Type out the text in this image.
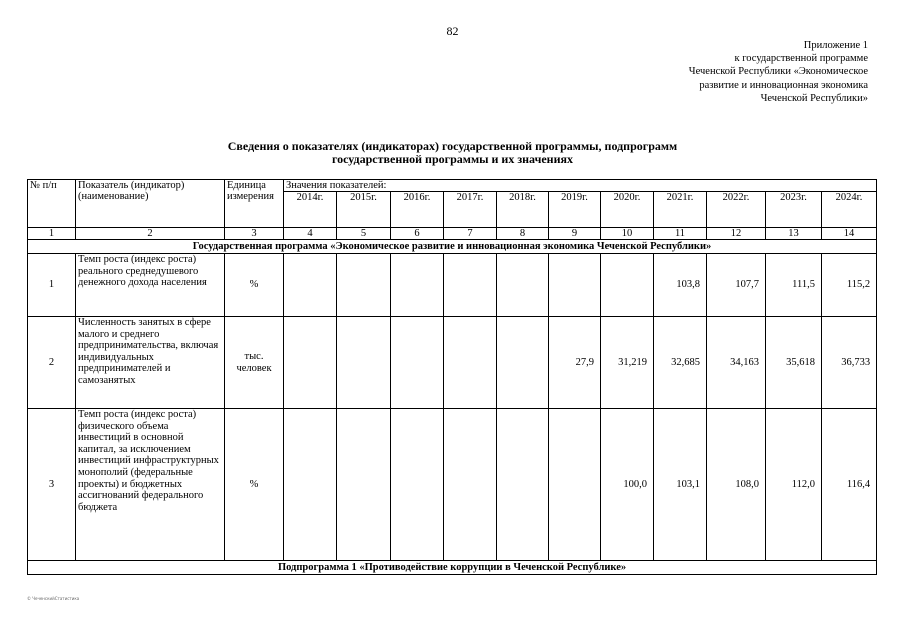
82
Приложение 1
к государственной программе
Чеченской Республики «Экономическое
развитие и инновационная экономика
Чеченской Республики»
Сведения о показателях (индикаторах) государственной программы, подпрограмм
государственной программы и их значениях
№ п/п	Показатель (индикатор) (наименование)	Единица измерения	Значения показателей:										
			2014г.	2015г.	2016г.	2017г.	2018г.	2019г.	2020г.	2021г.	2022г.	2023г.	2024г.
1	2	3	4	5	6	7	8	9	10	11	12	13	14
Государственная программа «Экономическое развитие и инновационная экономика Чеченской Республики»													
1	Темп роста (индекс роста) реального среднедушевого денежного дохода населения	%								103,8	107,7	111,5	115,2
2	Численность занятых в сфере малого и среднего предпринимательства, включая индивидуальных предпринимателей и самозанятых	тыс. человек						27,9	31,219	32,685	34,163	35,618	36,733
3	Темп роста (индекс роста) физического объема инвестиций в основной капитал, за исключением инвестиций инфраструктурных монополий (федеральные проекты) и бюджетных ассигнований федерального бюджета	%							100,0	103,1	108,0	112,0	116,4
Подпрограмма 1 «Противодействие коррупции в Чеченской Республике»													
© ЧеченскийСтатистика
